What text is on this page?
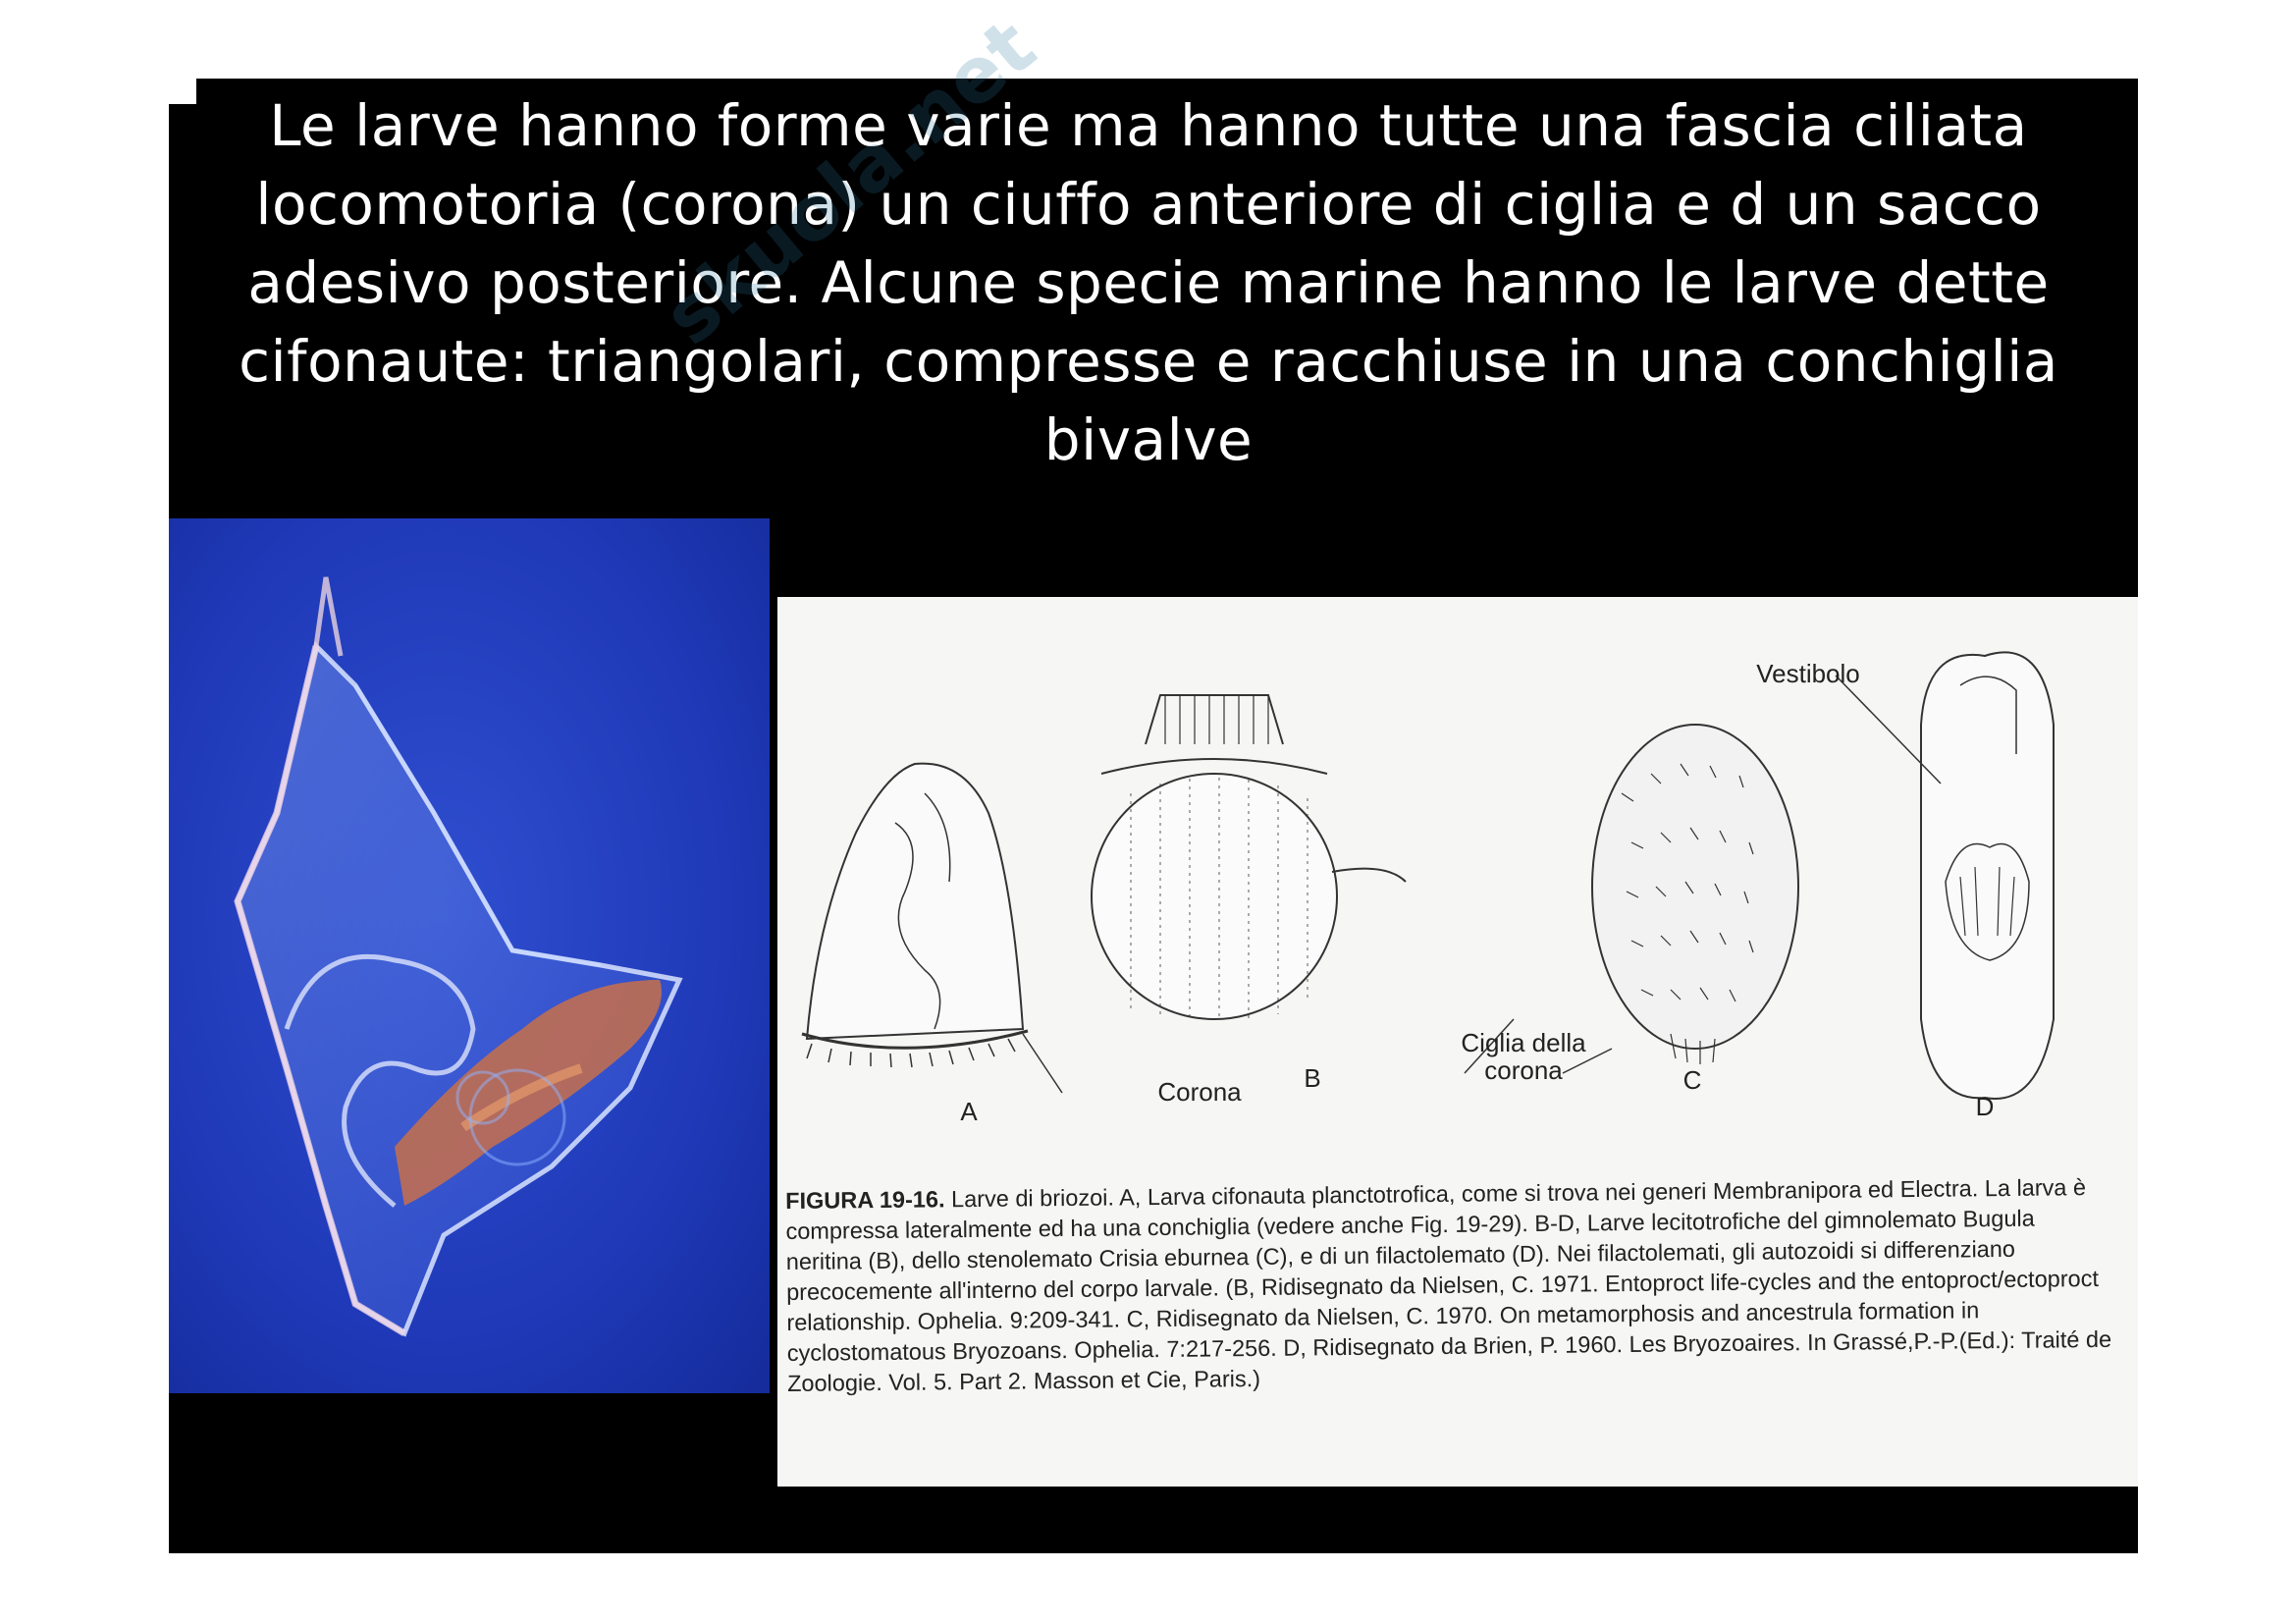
Le larve hanno forme varie ma hanno tutte una fascia ciliata locomotoria (corona) un ciuffo anteriore di ciglia e d un sacco adesivo posteriore. Alcune specie marine hanno le larve dette cifonaute: triangolari, compresse e racchiuse in una conchiglia bivalve

skuola.net
Vestibolo
Ciglia della
corona
Corona
A
B	C
D

FIGURA 19-16. Larve di briozoi. A, Larva cifonauta planctotrofica, come si trova nei generi Membranipora ed Electra. La larva è compressa lateralmente ed ha una conchiglia (vedere anche Fig. 19-29). B-D, Larve lecitotrofiche del gimnolemato Bugula neritina (B), dello stenolemato Crisia eburnea (C), e di un filactolemato (D). Nei filactolemati, gli autozoidi si differenziano precocemente all'interno del corpo larvale. (B, Ridisegnato da Nielsen, C. 1971. Entoproct life-cycles and the entoproct/ectoproct relationship. Ophelia. 9:209-341. C, Ridisegnato da Nielsen, C. 1970. On metamorphosis and ancestrula formation in cyclostomatous Bryozoans. Ophelia. 7:217-256. D, Ridisegnato da Brien, P. 1960. Les Bryozoaires. In Grassé,P.-P.(Ed.): Traité de Zoologie. Vol. 5. Part 2. Masson et Cie, Paris.)
